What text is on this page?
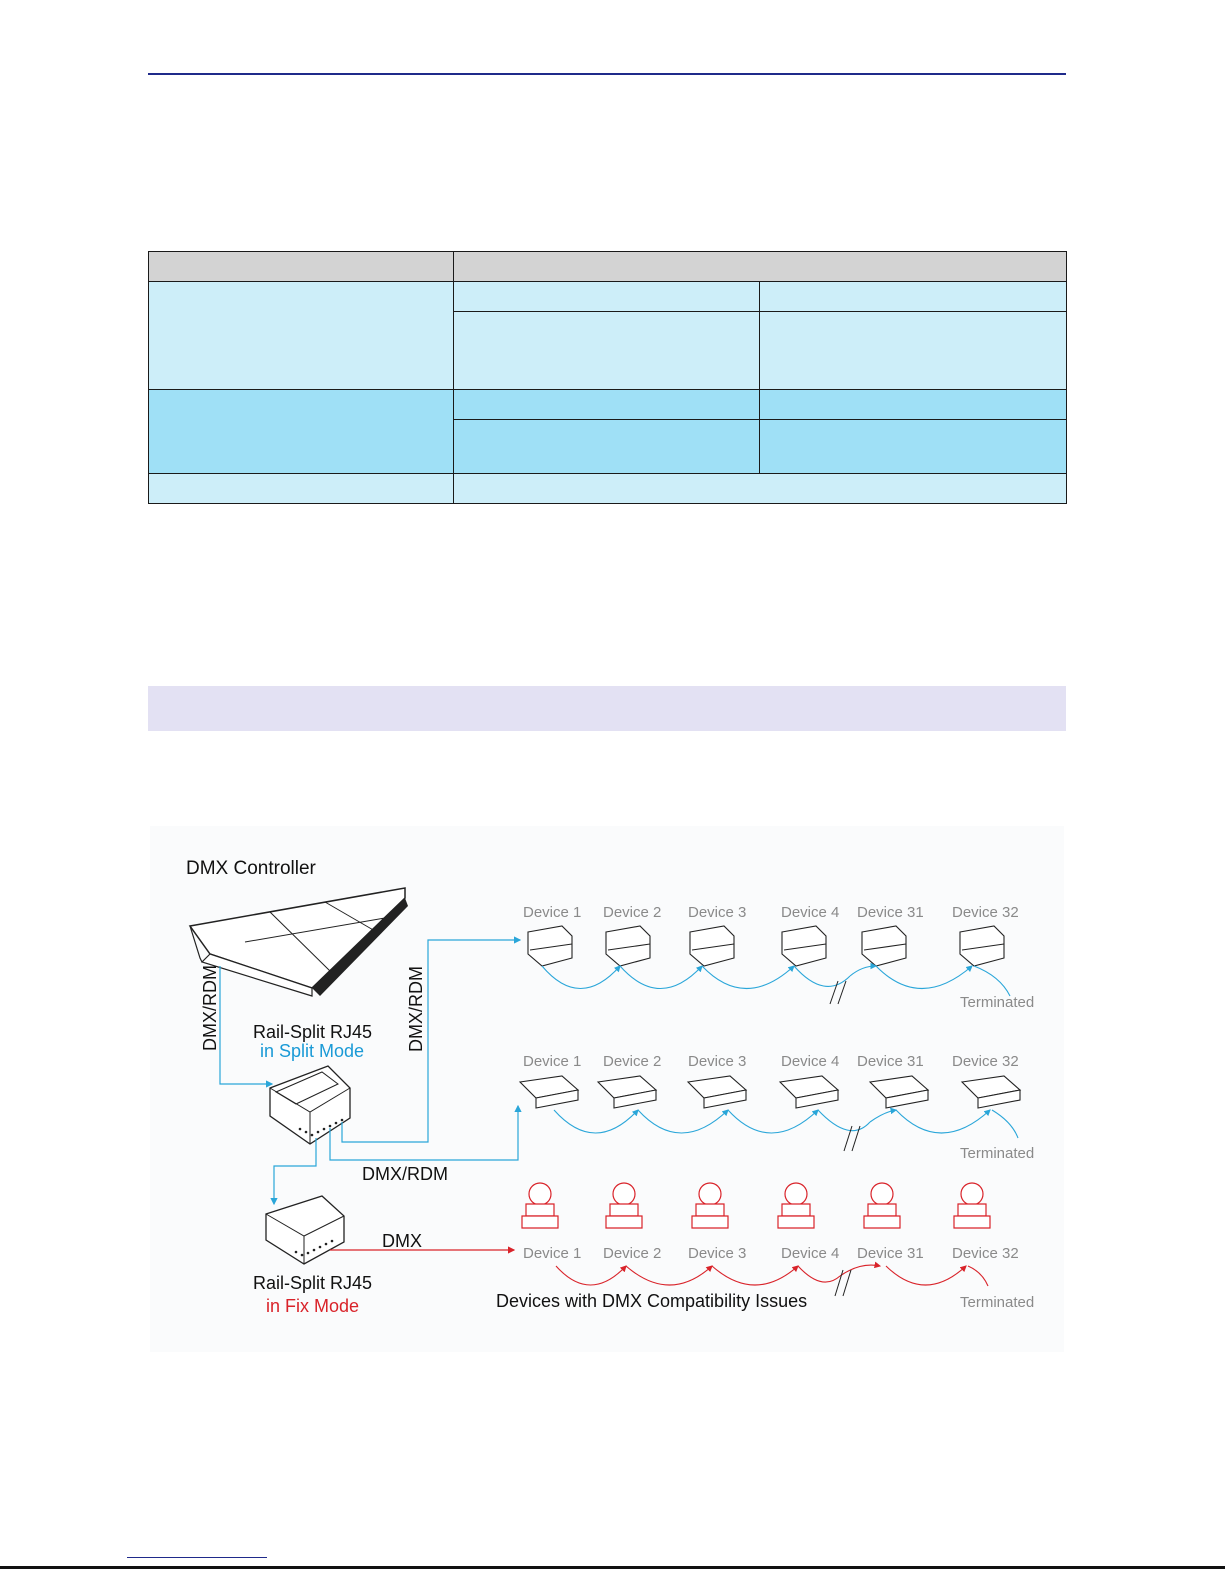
DMX Controller
DMX/RDM Rail-Split RJ45
in Split Mode DMX/RDM
DMX/RDM
Rail-Split RJ45
in Fix Mode
DMX
Device 1 Device 2 Device 3 Device 4 Device 31 Device 32
Terminated
Device 1 Device 2 Device 3 Device 4 Device 31 Device 32
Terminated
Device 1 Device 2 Device 3 Device 4 Device 31 Device 32
Devices with DMX Compatibility Issues	Terminated
